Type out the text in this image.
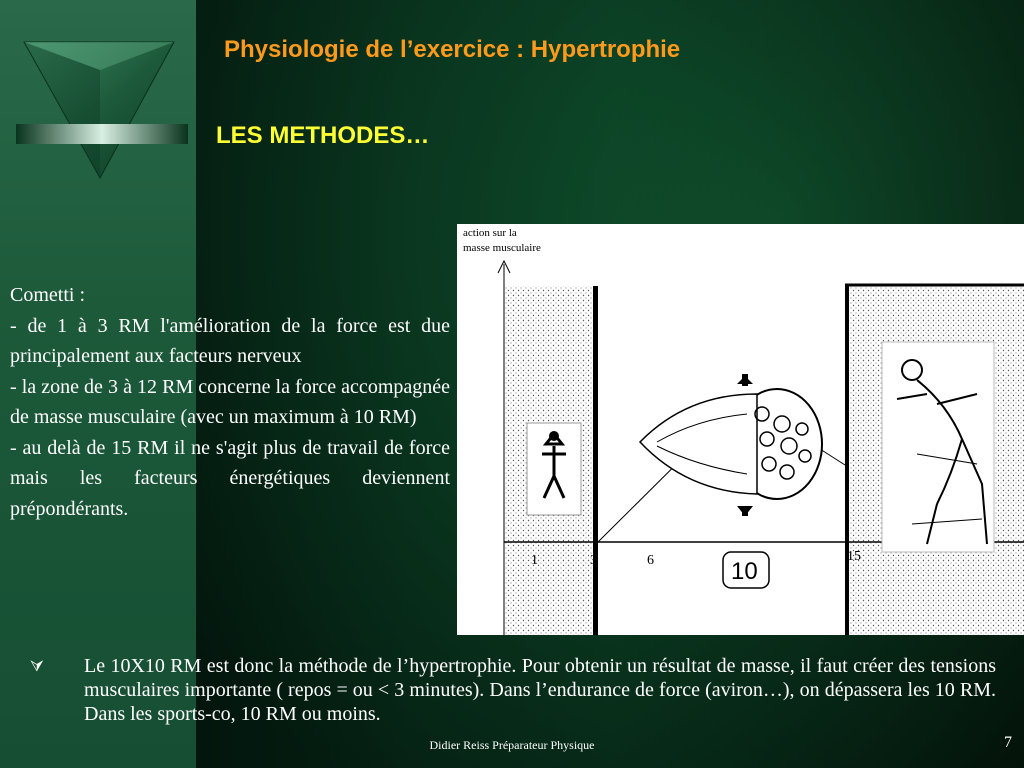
Physiologie de l’exercice : Hypertrophie
LES METHODES…

Cometti :

- de 1 à 3 RM l'amélioration de la force est due principalement aux facteurs nerveux

- la zone de 3 à 12 RM concerne la force accompagnée de masse musculaire (avec un maximum à 10 RM)

- au delà de 15 RM il ne s'agit plus de travail de force mais les facteurs énergétiques deviennent prépondérants.

action sur la
masse musculaire
1	3	6	10
15
⮛	Le 10X10 RM est donc la méthode de l’hypertrophie. Pour obtenir un résultat de masse, il faut créer des tensions musculaires importante ( repos = ou < 3 minutes). Dans l’endurance de force (aviron…), on dépassera les 10 RM. Dans les sports-co, 10 RM ou moins.
Didier Reiss Préparateur Physique	7
